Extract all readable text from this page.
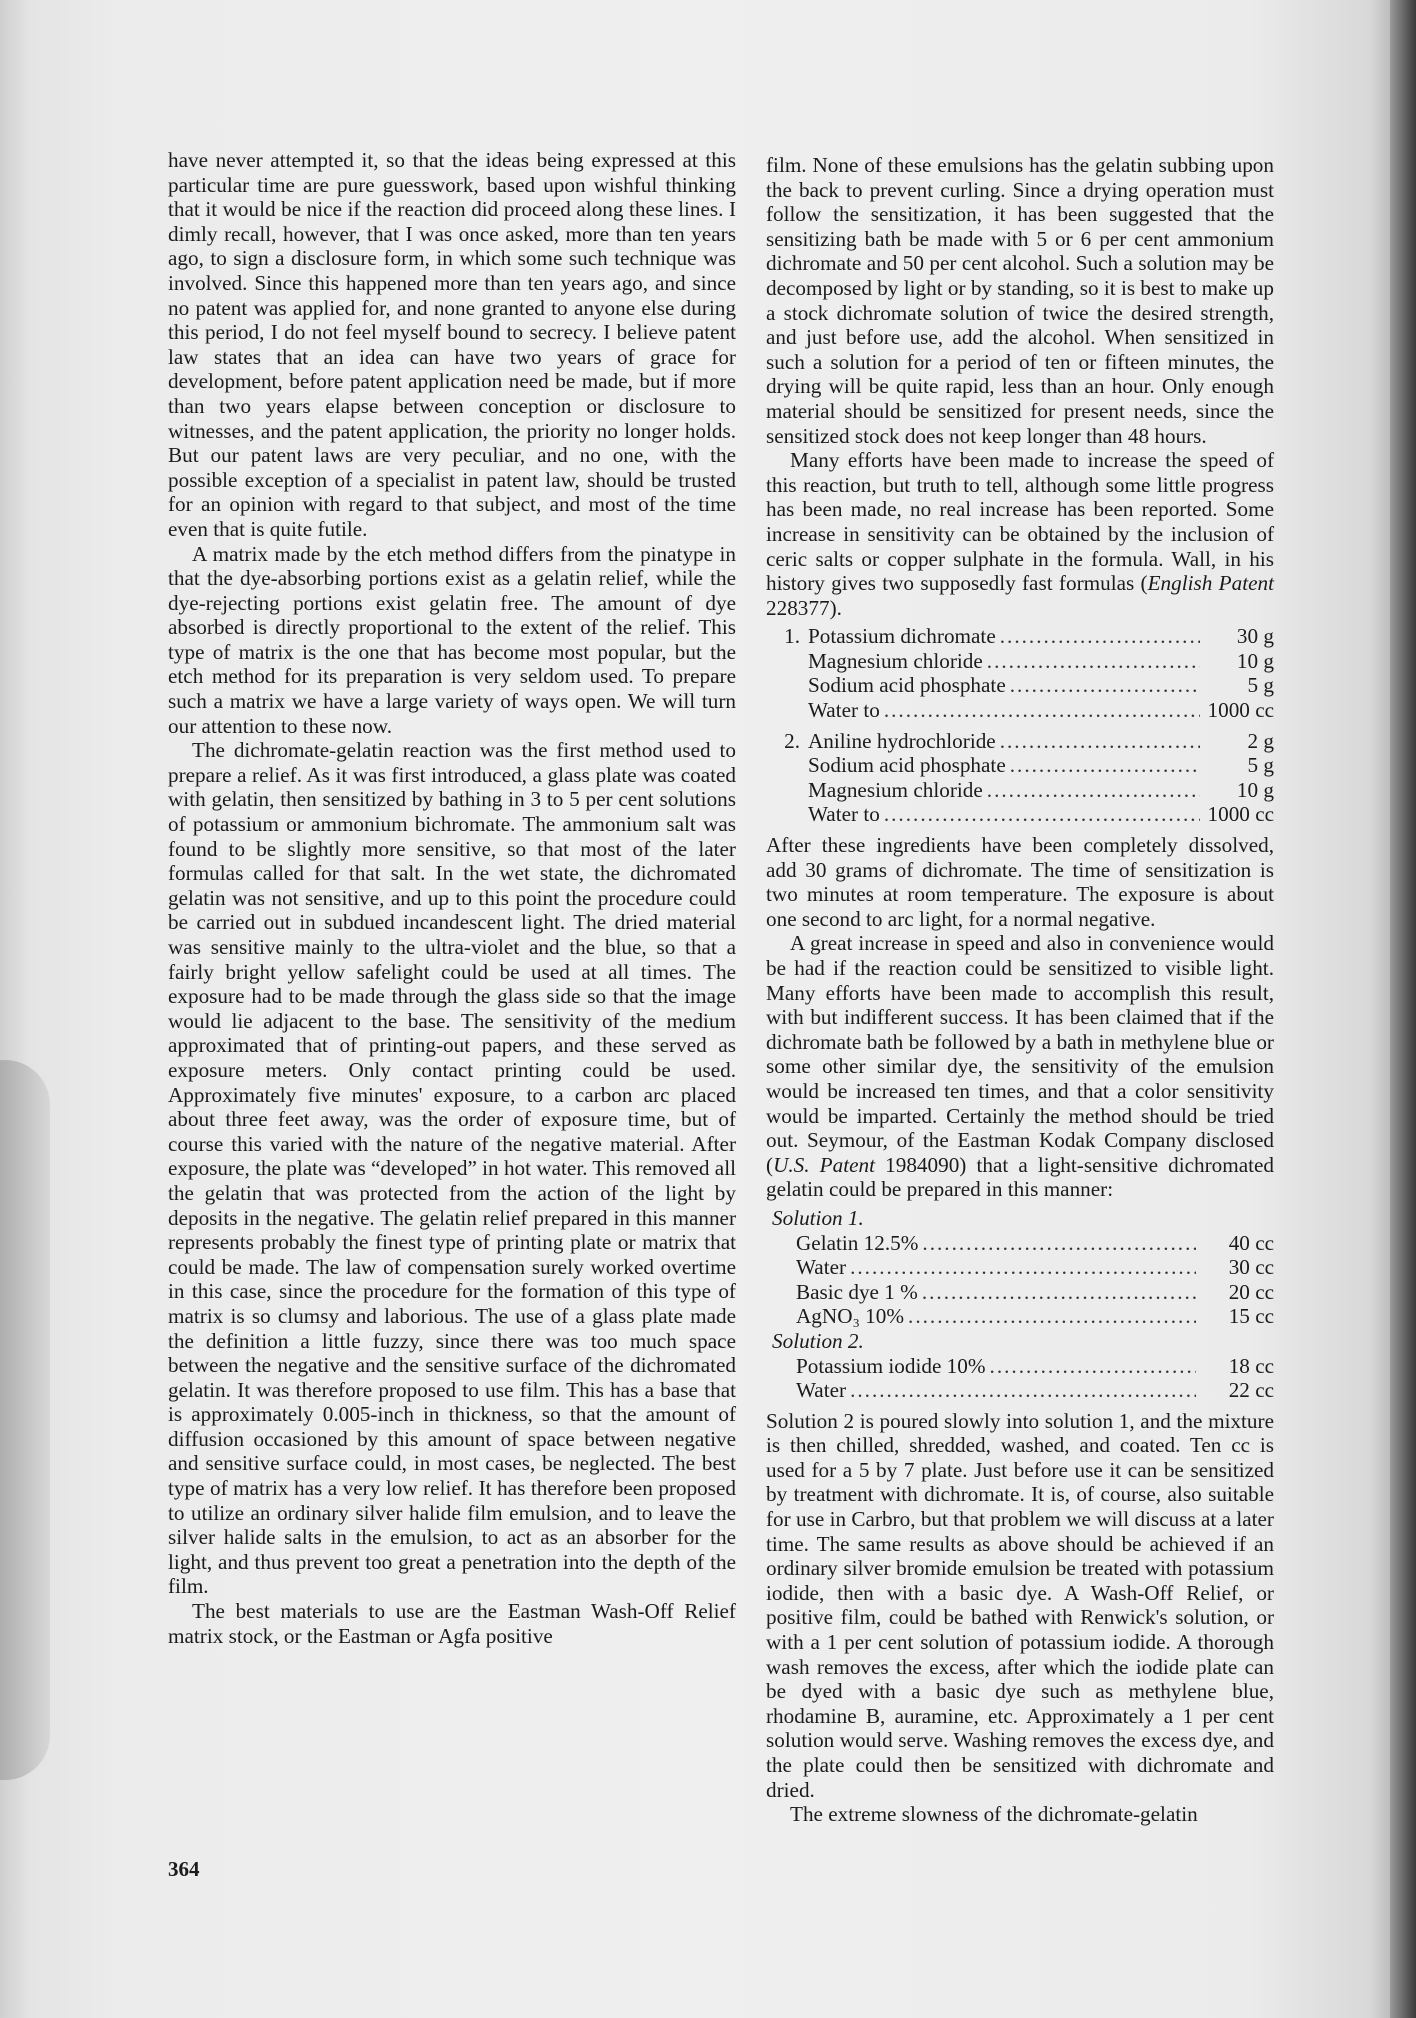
have never attempted it, so that the ideas being expressed at this particular time are pure guesswork, based upon wishful thinking that it would be nice if the reaction did proceed along these lines. I dimly recall, however, that I was once asked, more than ten years ago, to sign a disclosure form, in which some such technique was involved. Since this happened more than ten years ago, and since no patent was applied for, and none granted to anyone else during this period, I do not feel myself bound to secrecy. I believe patent law states that an idea can have two years of grace for development, before patent application need be made, but if more than two years elapse between conception or disclosure to witnesses, and the patent application, the priority no longer holds. But our patent laws are very peculiar, and no one, with the possible exception of a specialist in patent law, should be trusted for an opinion with regard to that subject, and most of the time even that is quite futile.

A matrix made by the etch method differs from the pinatype in that the dye-absorbing portions exist as a gelatin relief, while the dye-rejecting portions exist gelatin free. The amount of dye absorbed is directly proportional to the extent of the relief. This type of matrix is the one that has become most popular, but the etch method for its preparation is very seldom used. To prepare such a matrix we have a large variety of ways open. We will turn our attention to these now.

The dichromate-gelatin reaction was the first method used to prepare a relief. As it was first introduced, a glass plate was coated with gelatin, then sensitized by bathing in 3 to 5 per cent solutions of potassium or ammonium bichromate. The ammonium salt was found to be slightly more sensitive, so that most of the later formulas called for that salt. In the wet state, the dichromated gelatin was not sensitive, and up to this point the procedure could be carried out in subdued incandescent light. The dried material was sensitive mainly to the ultra-violet and the blue, so that a fairly bright yellow safelight could be used at all times. The exposure had to be made through the glass side so that the image would lie adjacent to the base. The sensitivity of the medium approximated that of printing-out papers, and these served as exposure meters. Only contact printing could be used. Approximately five minutes' exposure, to a carbon arc placed about three feet away, was the order of exposure time, but of course this varied with the nature of the negative material. After exposure, the plate was “developed” in hot water. This removed all the gelatin that was protected from the action of the light by deposits in the negative. The gelatin relief prepared in this manner represents probably the finest type of printing plate or matrix that could be made. The law of compensation surely worked overtime in this case, since the procedure for the formation of this type of matrix is so clumsy and laborious. The use of a glass plate made the definition a little fuzzy, since there was too much space between the negative and the sensitive surface of the dichromated gelatin. It was therefore proposed to use film. This has a base that is approximately 0.005-inch in thickness, so that the amount of diffusion occasioned by this amount of space between negative and sensitive surface could, in most cases, be neglected. The best type of matrix has a very low relief. It has therefore been proposed to utilize an ordinary silver halide film emulsion, and to leave the silver halide salts in the emulsion, to act as an absorber for the light, and thus prevent too great a penetration into the depth of the film.

The best materials to use are the Eastman Wash-Off Relief matrix stock, or the Eastman or Agfa positive

364

film. None of these emulsions has the gelatin subbing upon the back to prevent curling. Since a drying operation must follow the sensitization, it has been suggested that the sensitizing bath be made with 5 or 6 per cent ammonium dichromate and 50 per cent alcohol. Such a solution may be decomposed by light or by standing, so it is best to make up a stock dichromate solution of twice the desired strength, and just before use, add the alcohol. When sensitized in such a solution for a period of ten or fifteen minutes, the drying will be quite rapid, less than an hour. Only enough material should be sensitized for present needs, since the sensitized stock does not keep longer than 48 hours.

Many efforts have been made to increase the speed of this reaction, but truth to tell, although some little progress has been made, no real increase has been reported. Some increase in sensitivity can be obtained by the inclusion of ceric salts or copper sulphate in the formula. Wall, in his history gives two supposedly fast formulas (English Patent 228377).

1. Potassium dichromate .....	30 g
Magnesium chloride .....	10 g
Sodium acid phosphate .....	5 g
Water to .....	1000 cc
2. Aniline hydrochloride .....	2 g
Sodium acid phosphate .....	5 g
Magnesium chloride .....	10 g
Water to .....	1000 cc

After these ingredients have been completely dissolved, add 30 grams of dichromate. The time of sensitization is two minutes at room temperature. The exposure is about one second to arc light, for a normal negative.

A great increase in speed and also in convenience would be had if the reaction could be sensitized to visible light. Many efforts have been made to accomplish this result, with but indifferent success. It has been claimed that if the dichromate bath be followed by a bath in methylene blue or some other similar dye, the sensitivity of the emulsion would be increased ten times, and that a color sensitivity would be imparted. Certainly the method should be tried out. Seymour, of the Eastman Kodak Company disclosed (U.S. Patent 1984090) that a light-sensitive dichromated gelatin could be prepared in this manner:

Solution 1.
Gelatin 12.5% .....	40 cc
Water .....	30 cc
Basic dye 1 % .....	20 cc
AgNO₃ 10% .....	15 cc
Solution 2.
Potassium iodide 10% .....	18 cc
Water .....	22 cc

Solution 2 is poured slowly into solution 1, and the mixture is then chilled, shredded, washed, and coated. Ten cc is used for a 5 by 7 plate. Just before use it can be sensitized by treatment with dichromate. It is, of course, also suitable for use in Carbro, but that problem we will discuss at a later time. The same results as above should be achieved if an ordinary silver bromide emulsion be treated with potassium iodide, then with a basic dye. A Wash-Off Relief, or positive film, could be bathed with Renwick's solution, or with a 1 per cent solution of potassium iodide. A thorough wash removes the excess, after which the iodide plate can be dyed with a basic dye such as methylene blue, rhodamine B, auramine, etc. Approximately a 1 per cent solution would serve. Washing removes the excess dye, and the plate could then be sensitized with dichromate and dried.

The extreme slowness of the dichromate-gelatin
